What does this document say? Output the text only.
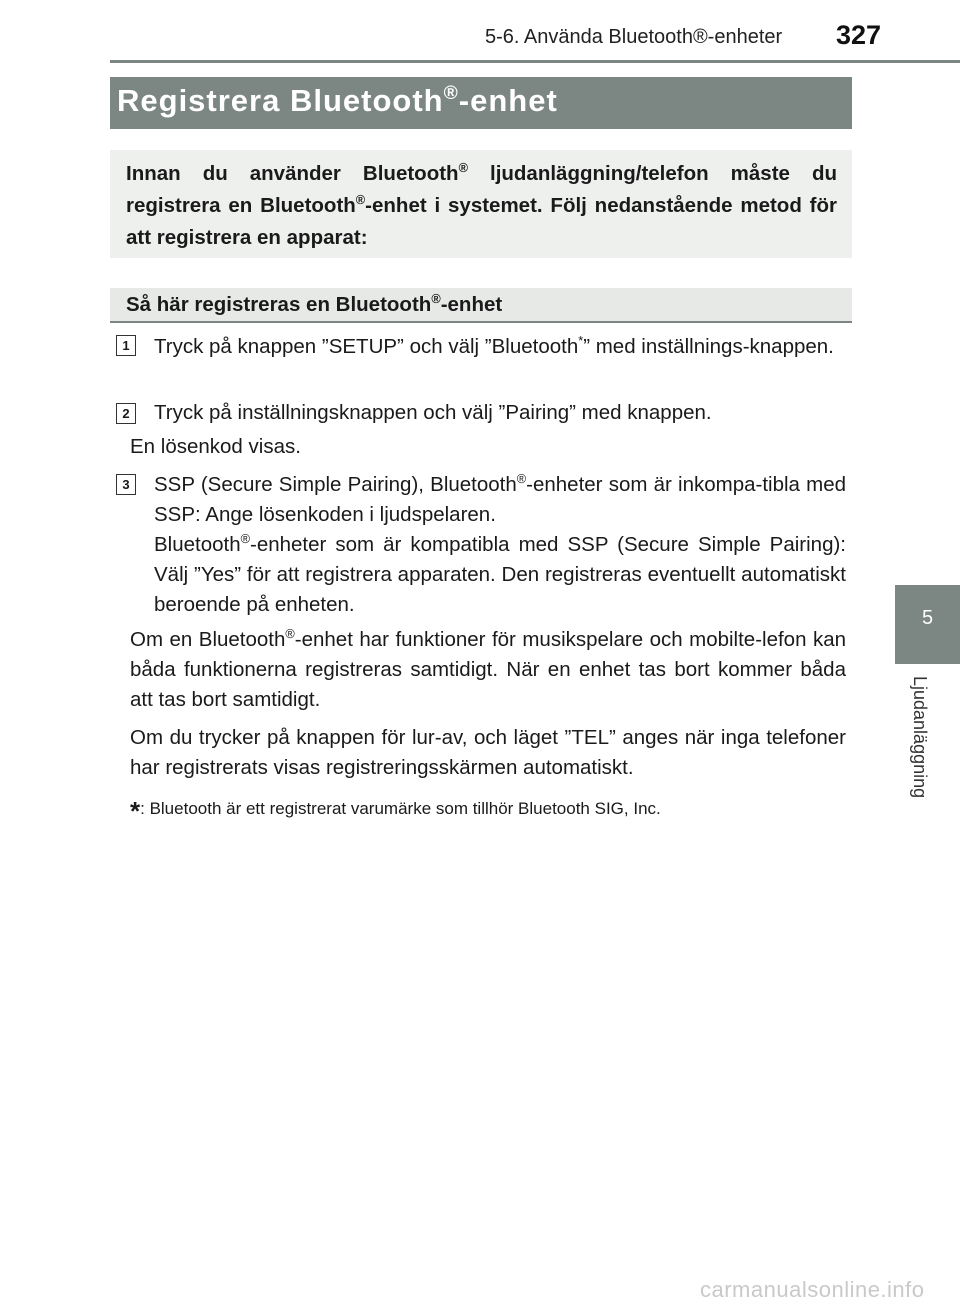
5-6. Använda Bluetooth®-enheter 327
5
Ljudanläggning
Registrera Bluetooth®-enhet
Innan du använder Bluetooth® ljudanläggning/telefon måste du registrera en Bluetooth®-enhet i systemet. Följ nedanstående metod för att registrera en apparat:
Så här registreras en Bluetooth®-enhet
1	Tryck på knappen ”SETUP” och välj ”Bluetooth*” med inställnings-knappen.
2	Tryck på inställningsknappen och välj ”Pairing” med knappen.
En lösenkod visas.
3	SSP (Secure Simple Pairing), Bluetooth®-enheter som är inkompa-tibla med SSP: Ange lösenkoden i ljudspelaren.
Bluetooth®-enheter som är kompatibla med SSP (Secure Simple Pairing): Välj ”Yes” för att registrera apparaten. Den registreras eventuellt automatiskt beroende på enheten.
Om en Bluetooth®-enhet har funktioner för musikspelare och mobilte-lefon kan båda funktionerna registreras samtidigt. När en enhet tas bort kommer båda att tas bort samtidigt.
Om du trycker på knappen för lur-av, och läget ”TEL” anges när inga telefoner har registrerats visas registreringsskärmen automatiskt.
*: Bluetooth är ett registrerat varumärke som tillhör Bluetooth SIG, Inc.
carmanualsonline.info
